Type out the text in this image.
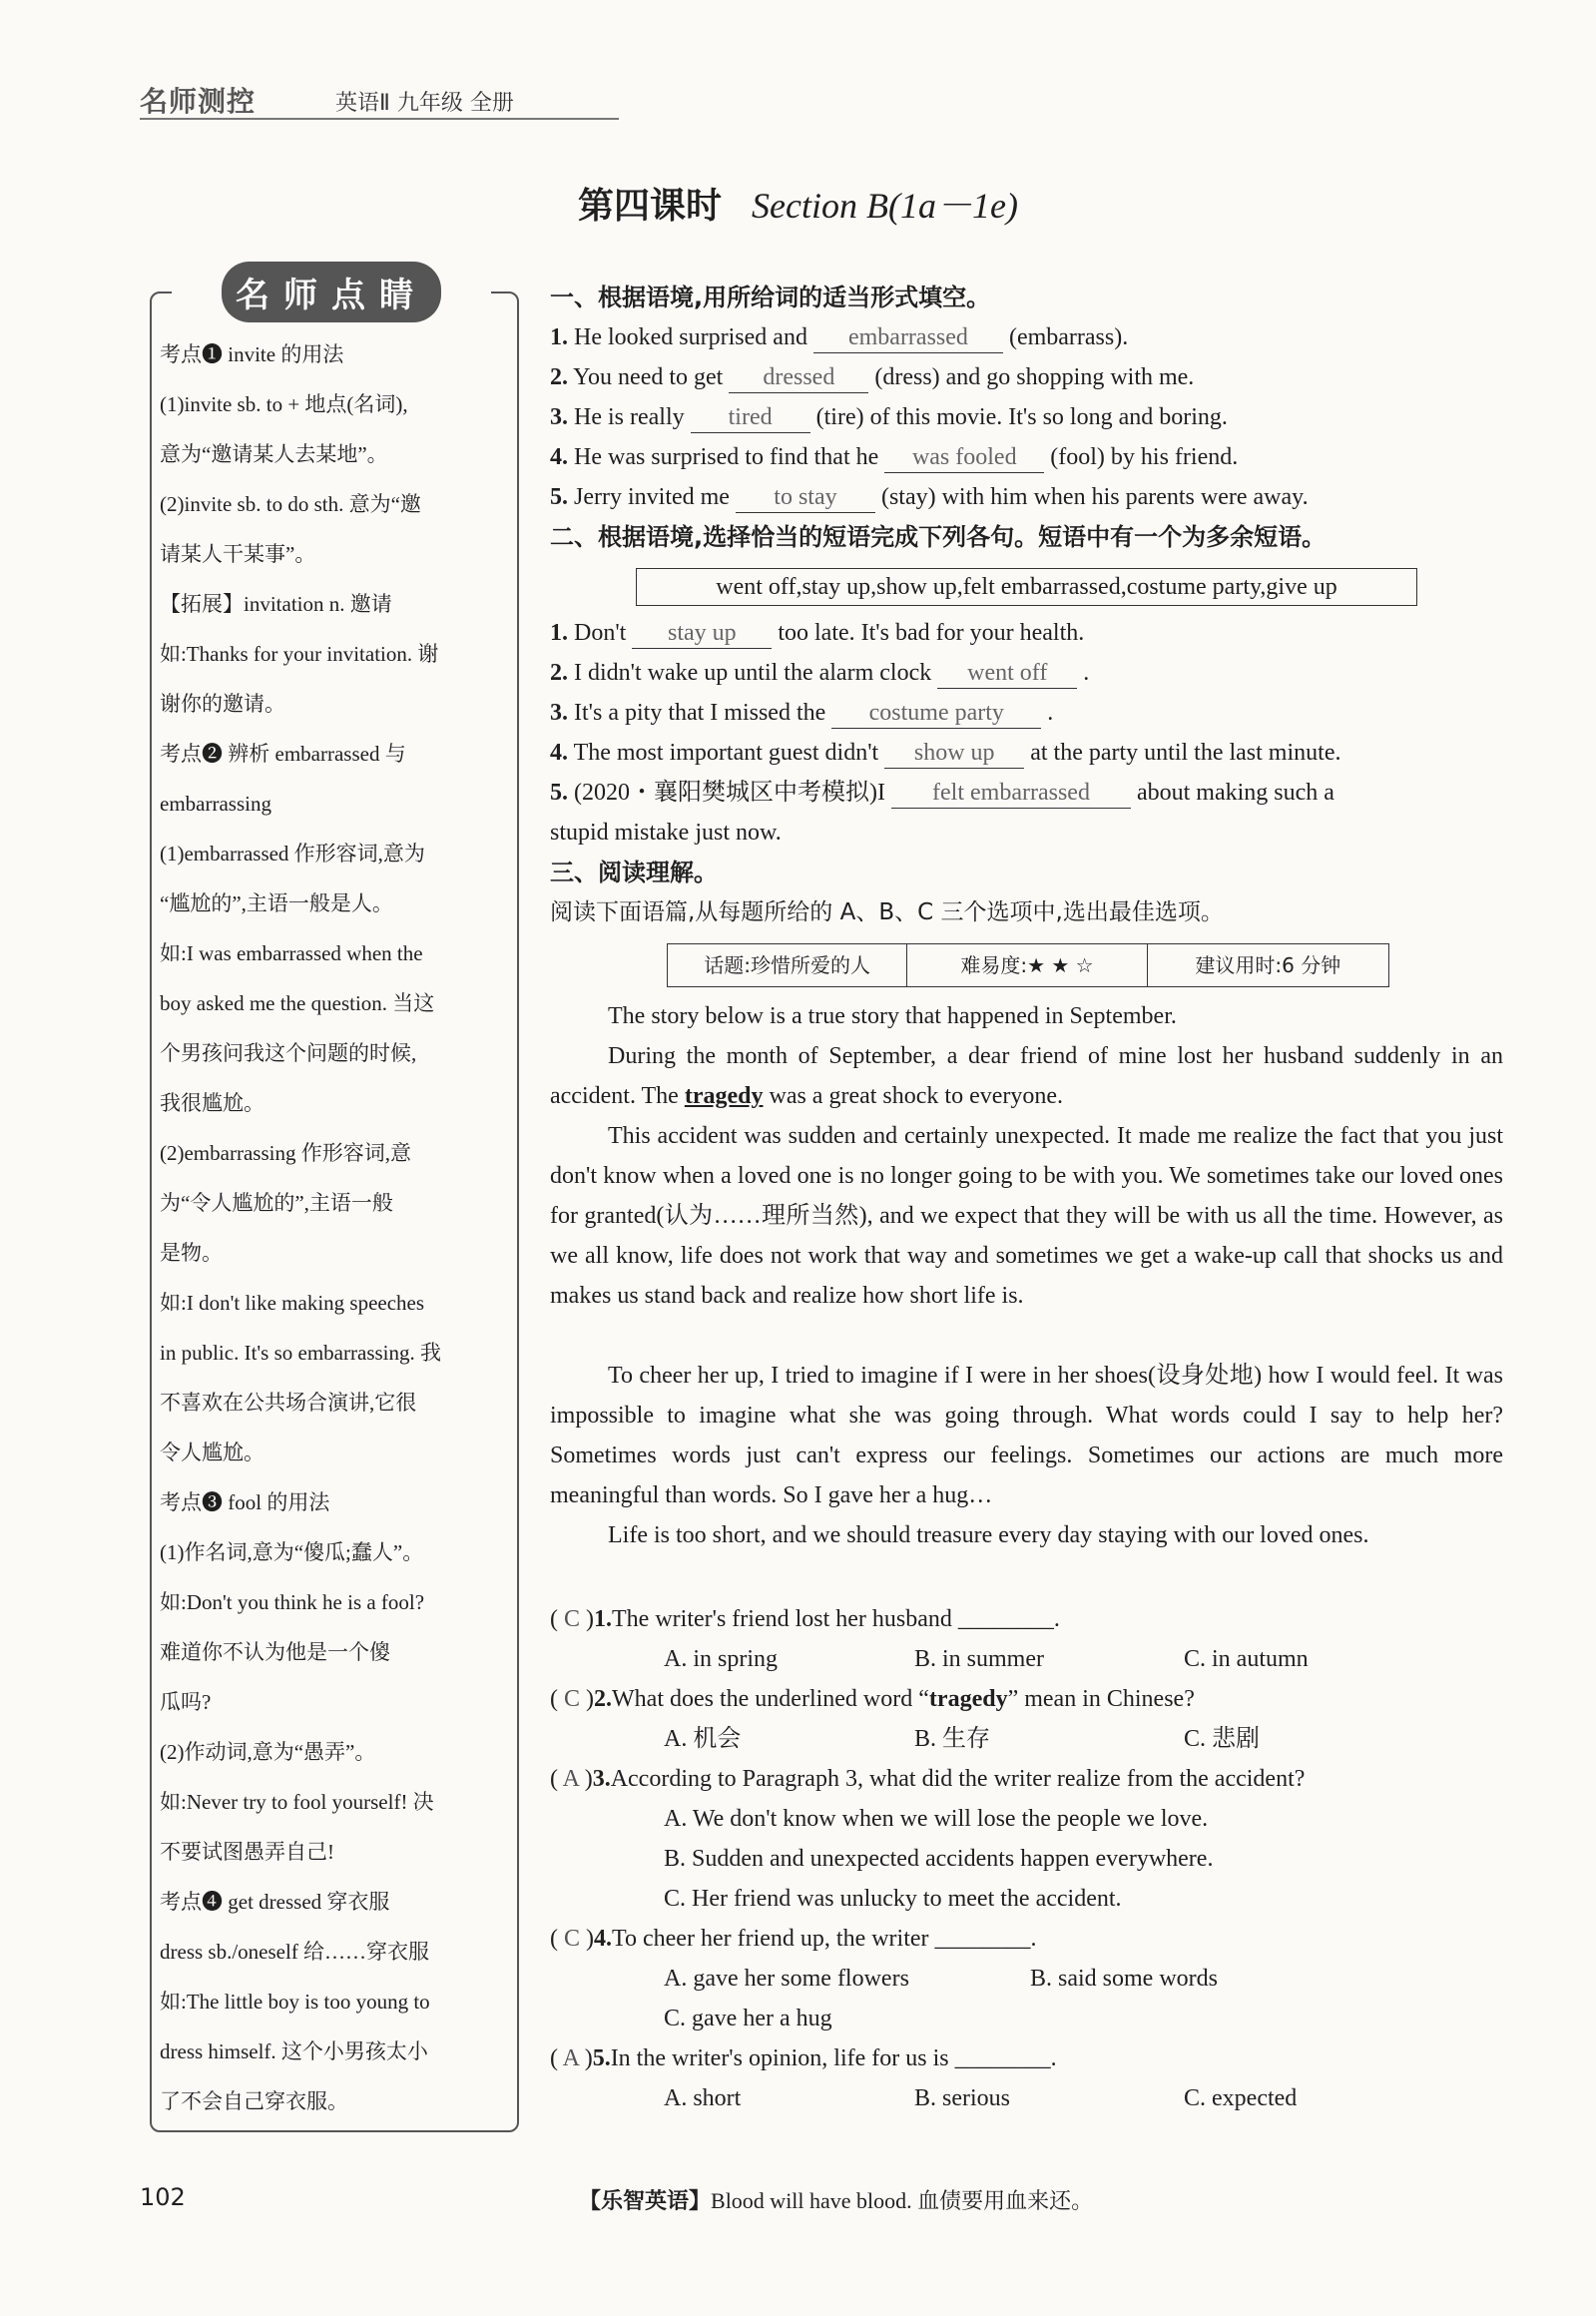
名师测控	英语Ⅱ 九年级 全册
第四课时 Section B(1a－1e)
名师点睛
考点❶ invite 的用法
(1)invite sb. to + 地点(名词),
意为“邀请某人去某地”。
(2)invite sb. to do sth. 意为“邀
请某人干某事”。
【拓展】invitation n. 邀请
如:Thanks for your invitation. 谢
谢你的邀请。
考点❷ 辨析 embarrassed 与
embarrassing
(1)embarrassed 作形容词,意为
“尴尬的”,主语一般是人。
如:I was embarrassed when the
boy asked me the question. 当这
个男孩问我这个问题的时候,
我很尴尬。
(2)embarrassing 作形容词,意
为“令人尴尬的”,主语一般
是物。
如:I don't like making speeches
in public. It's so embarrassing. 我
不喜欢在公共场合演讲,它很
令人尴尬。
考点❸ fool 的用法
(1)作名词,意为“傻瓜;蠢人”。
如:Don't you think he is a fool?
难道你不认为他是一个傻
瓜吗?
(2)作动词,意为“愚弄”。
如:Never try to fool yourself! 决
不要试图愚弄自己!
考点❹ get dressed 穿衣服
dress sb./oneself 给……穿衣服
如:The little boy is too young to
dress himself. 这个小男孩太小
了不会自己穿衣服。
一、根据语境,用所给词的适当形式填空。
1. He looked surprised and embarrassed (embarrass).
2. You need to get dressed (dress) and go shopping with me.
3. He is really tired (tire) of this movie. It's so long and boring.
4. He was surprised to find that he was fooled (fool) by his friend.
5. Jerry invited me to stay (stay) with him when his parents were away.
二、根据语境,选择恰当的短语完成下列各句。短语中有一个为多余短语。
went off,stay up,show up,felt embarrassed,costume party,give up
1. Don't stay up too late. It's bad for your health.
2. I didn't wake up until the alarm clock went off .
3. It's a pity that I missed the costume party .
4. The most important guest didn't show up at the party until the last minute.
5. (2020・襄阳樊城区中考模拟)I felt embarrassed about making such a
stupid mistake just now.
三、阅读理解。
阅读下面语篇,从每题所给的 A、B、C 三个选项中,选出最佳选项。
话题:珍惜所爱的人	难易度:★ ★ ☆	建议用时:6 分钟
The story below is a true story that happened in September.
During the month of September, a dear friend of mine lost her husband suddenly in an accident. The tragedy was a great shock to everyone.
This accident was sudden and certainly unexpected. It made me realize the fact that you just don't know when a loved one is no longer going to be with you. We sometimes take our loved ones for granted(认为……理所当然), and we expect that they will be with us all the time. However, as we all know, life does not work that way and sometimes we get a wake-up call that shocks us and makes us stand back and realize how short life is.
To cheer her up, I tried to imagine if I were in her shoes(设身处地) how I would feel. It was impossible to imagine what she was going through. What words could I say to help her? Sometimes words just can't express our feelings. Sometimes our actions are much more meaningful than words. So I gave her a hug…
Life is too short, and we should treasure every day staying with our loved ones.
( C )1.The writer's friend lost her husband ________.
A. in spring	B. in summer	C. in autumn
( C )2.What does the underlined word “tragedy” mean in Chinese?
A. 机会	B. 生存	C. 悲剧
( A )3.According to Paragraph 3, what did the writer realize from the accident?
A. We don't know when we will lose the people we love.
B. Sudden and unexpected accidents happen everywhere.
C. Her friend was unlucky to meet the accident.
( C )4.To cheer her friend up, the writer ________.
A. gave her some flowers	B. said some words
C. gave her a hug
( A )5.In the writer's opinion, life for us is ________.
A. short	B. serious	C. expected
102	【乐智英语】Blood will have blood. 血债要用血来还。
